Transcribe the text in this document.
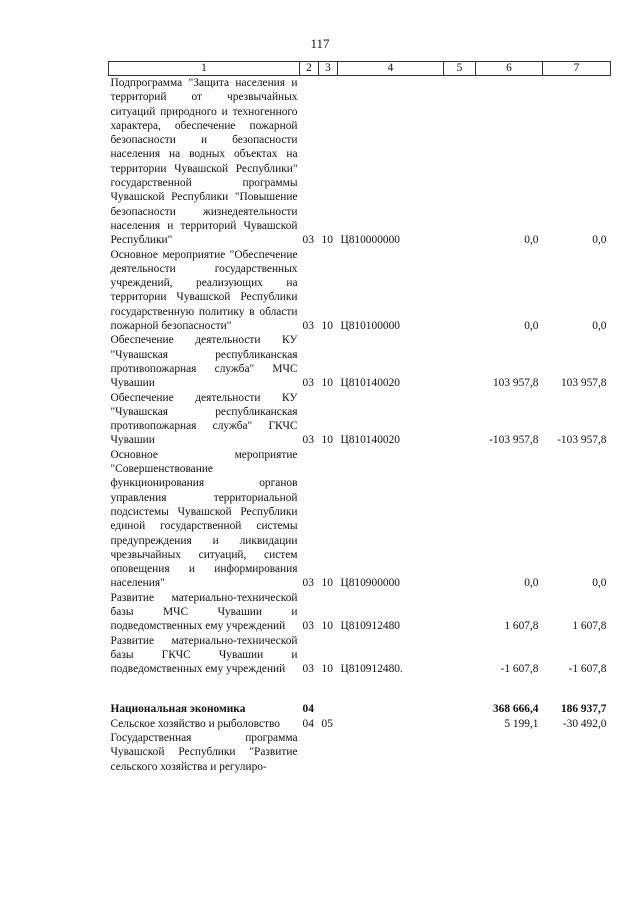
117
1	2	3	4	5	6	7
Подпрограмма "Защита населения и территорий от чрезвычайных ситуаций природного и техногенного характера, обеспечение пожарной безопасности и безопасности населения на водных объектах на территории Чувашской Республики" государственной программы Чувашской Республики "Повышение безопасности жизнедеятельности населения и территорий Чувашской Республики"	03	10	Ц810000000		0,0	0,0
Основное мероприятие "Обеспечение деятельности государственных учреждений, реализующих на территории Чувашской Республики государственную политику в области пожарной безопасности"	03	10	Ц810100000		0,0	0,0
Обеспечение деятельности КУ "Чувашская республиканская противопожарная служба" МЧС Чувашии	03	10	Ц810140020		103 957,8	103 957,8
Обеспечение деятельности КУ "Чувашская республиканская противопожарная служба" ГКЧС Чувашии	03	10	Ц810140020		-103 957,8	-103 957,8
Основное мероприятие "Совершенствование функционирования органов управления территориальной подсистемы Чувашской Республики единой государственной системы предупреждения и ликвидации чрезвычайных ситуаций, систем оповещения и информирования населения"	03	10	Ц810900000		0,0	0,0
Развитие материально-технической базы МЧС Чувашии и подведомственных ему учреждений	03	10	Ц810912480		1 607,8	1 607,8
Развитие материально-технической базы ГКЧС Чувашии и подведомственных ему учреждений	03	10	Ц810912480.		-1 607,8	-1 607,8

Национальная экономика	04				368 666,4	186 937,7
Сельское хозяйство и рыболовство	04	05			5 199,1	-30 492,0
Государственная программа Чувашской Республики "Развитие сельского хозяйства и регулиро-						
